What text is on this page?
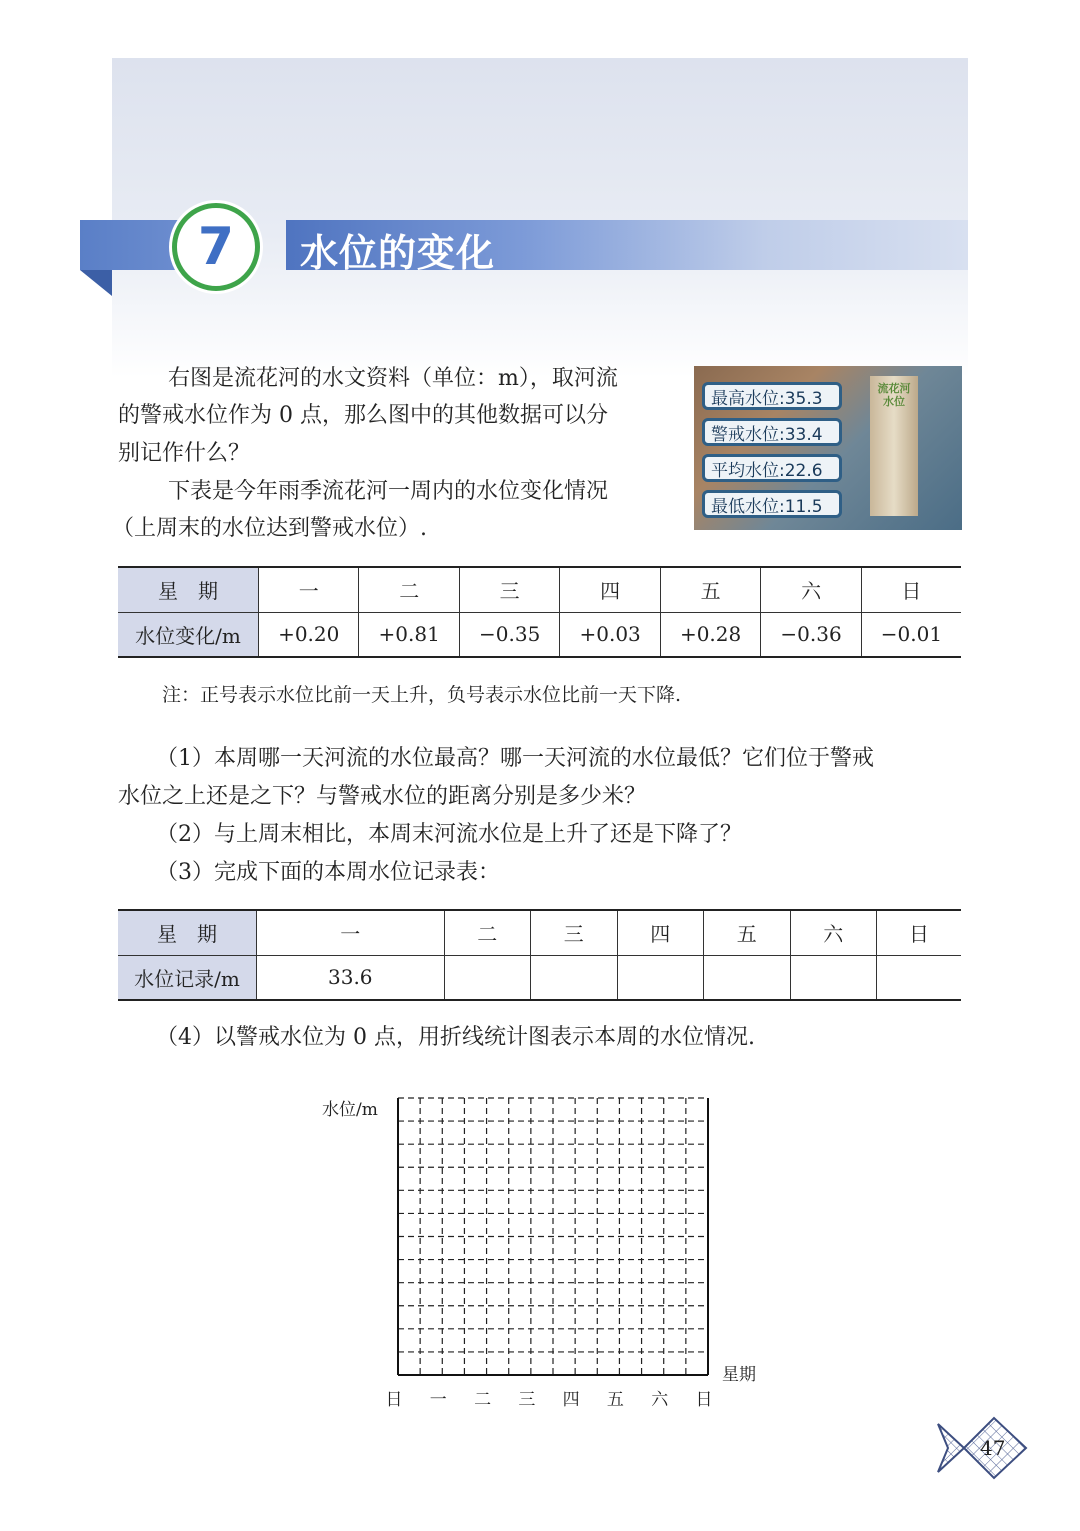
7	水位的变化
右图是流花河的水文资料（单位：m），取河流
的警戒水位作为 0 点，那么图中的其他数据可以分
别记作什么？
下表是今年雨季流花河一周内的水位变化情况
（上周末的水位达到警戒水位）.
流花河水位
最高水位:35.3
警戒水位:33.4
平均水位:22.6
最低水位:11.5
星　期	一	二	三	四	五	六	日
水位变化/m	+0.20	+0.81	−0.35	+0.03	+0.28	−0.36	−0.01
注：正号表示水位比前一天上升，负号表示水位比前一天下降.
（1）本周哪一天河流的水位最高？哪一天河流的水位最低？它们位于警戒
水位之上还是之下？与警戒水位的距离分别是多少米？
（2）与上周末相比，本周末河流水位是上升了还是下降了？
（3）完成下面的本周水位记录表：
星　期	一	二	三	四	五	六	日
水位记录/m	33.6						
（4）以警戒水位为 0 点，用折线统计图表示本周的水位情况.
水位/m
星期
日 一 二 三 四 五 六 日
47
